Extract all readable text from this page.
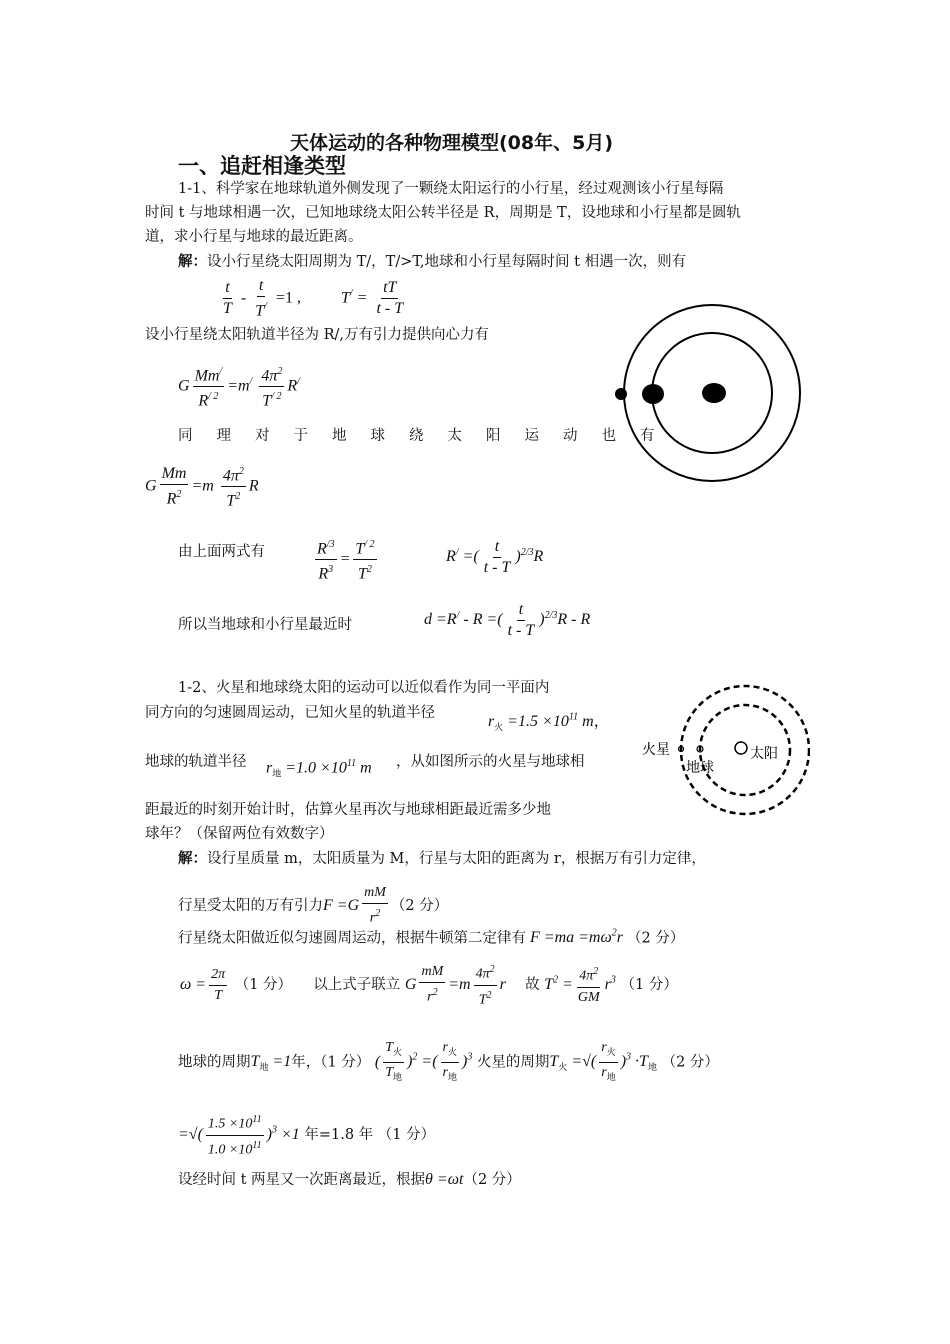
天体运动的各种物理模型(08年、5月)
一、追赶相逢类型
1-1、科学家在地球轨道外侧发现了一颗绕太阳运行的小行星，经过观测该小行星每隔
时间 t 与地球相遇一次，已知地球绕太阳公转半径是 R，周期是 T，设地球和小行星都是圆轨
道，求小行星与地球的最近距离。
解：设小行星绕太阳周期为 T/，T/>T,地球和小行星每隔时间 t 相遇一次，则有
$\frac{t}{T} - \frac{t}{T^/} =1$ , $T^/ = \frac{tT}{t - T}$
设小行星绕太阳轨道半径为 R/,万有引力提供向心力有
G $\frac{Mm^/}{R^{/ 2}} =m^/ \frac{4\pi^2}{T^{/ 2}} R^/$
同理对于地球绕太阳运动也有
G $\frac{Mm}{R^2} =m \frac{4\pi^2}{T^2}$ R
由上面两式有	$\frac{R^{/3}}{R^3} = \frac{T^{/ 2}}{T^2}$	R/ =( $\frac{t}{t - T} )^{2/3}R$
所以当地球和小行星最近时	d =R/ - R =( $\frac{t}{t - T} )^{2/3}R$ - R
1-2、火星和地球绕太阳的运动可以近似看作为同一平面内
同方向的匀速圆周运动，已知火星的轨道半径	$r_火 =1.5 \times 10^{11}$ m，
地球的轨道半径 $r_地 =1.0 \times 10^{11}$ m ，从如图所示的火星与地球相
距最近的时刻开始计时，估算火星再次与地球相距最近需多少地
球年？（保留两位有效数字）
火星
地球
太阳
解：设行星质量 m，太阳质量为 M，行星与太阳的距离为 r，根据万有引力定律，
行星受太阳的万有引力$F =G \frac{mM}{r^2} (2$ 分）
行星绕太阳做近似匀速圆周运动，根据牛顿第二定律有 $F =ma =m\omega^2r$ （2 分）
$\omega = \frac{2\pi}{T} (1$ 分） 以上式子联立 G $\frac{mM}{r^2} =m \frac{4\pi^2}{T^2}$ r 故 $T^2 = \frac{4\pi^2}{GM} r^3$ （1 分）
地球的周期$T_地 =1$年，（1 分） ( $\frac{T_火}{T_地} )^2$ =( $\frac{r_火}{r_地} )^3$ 火星的周期$T_火$ =√( $\frac{r_火}{r_地} )^3 \cdot T_地$ （2 分）
=√( $\frac{1.5 \times 10^{11}}{1.0 \times 10^{11}} )^3 \times 1$ 年=1.8 年 （1 分）
设经时间 t 两星又一次距离最近，根据θ =ωt（2 分）
